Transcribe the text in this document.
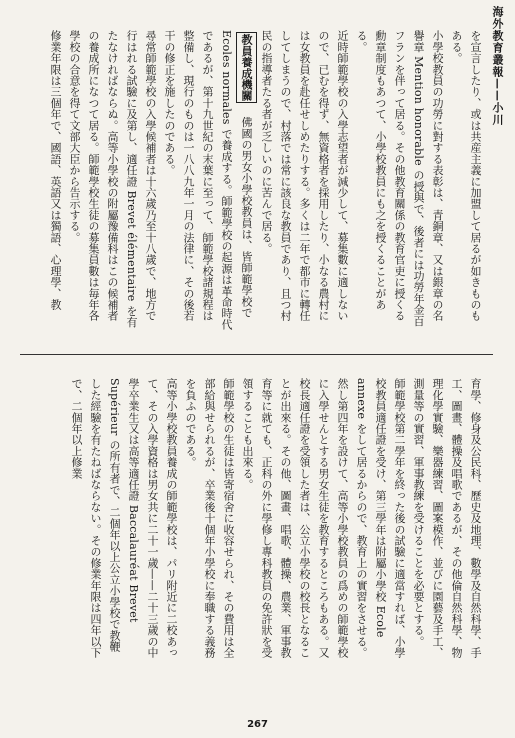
海外教育叢報——小川
を宣言したり、或は共産主義に加盟して居るが如きものもある。
小學校教員の功勞に對する表彰は、青銅章、又は銀章の名譽章 Mention honorable の授與で、後者には功勞年金百フランを伴って居る。その他教育關係の教育官吏に授くる勳章制度もあつて、小學校教員にも之を授くることがある。
近時師範學校の入學志望者が減少して、募集數に適しないので、已むを得ず、無資格者を採用したり、小なる農村には女教員を赴任せしめたりする。多くは二年で都市に轉任してしまうので、村落では常に該良な教員であり、且つ村民の指導者たる者が乏しいのに苦んで居る。
教員養成機關　佛國の男女小學校教員は、皆師範學校で Ecoles normales で養成する。師範學校の起源は革命時代であるが、第十九世紀の末葉に至って、師範學校諸規程は整備し、現行のものは一八八九年一月の法律に、その後若干の修正を施したのである。
尋常師範學校の入學候補者は十六歲乃至十八歲で、地方で行はれる試驗に及第し、適任證 Brevet élémentaire を有たなければならぬ。高等小學校の附屬豫備科はこの候補者の養成所になつて居る。師範學校生徒の募集員數は毎年各學校の合意を得て文部大臣から告示する。
修業年限は三個年で、國語、英語又は獨語、心理學、教
育學、修身及公民科、歷史及地理、數學及自然科學、手工、圖畫、體操及唱歌であるが、その他倫自然科學、物理化學實驗、樂器練習、圖案模作、並びに園藝及手工、測量等の實習、軍事教練を受けることを必要とする。
師範學校第二學年を終った後の試驗に適當すれば、小學校教員適任證を受け、第三學年は附屬小學校 Ecole annexe をして居るからので、教育上の實習をさせる。然し第四年を設けて、高等小學校教員の爲めの師範學校に入學せんとする男女生徒を教育するところもある。又校長適任證を受領した者は、公立小學校の校長となることが出來る。その他、圖畫、唱歌、體操、農業、軍事教育等に就ても、正科の外に學修し專科教員の免許狀を受領することも出來る。
師範學校の生徒は皆寄宿舍に收容せられ、その費用は全部給與せられるが、卒業後十個年小學校に奉職する義務を負ふのである。
高等小學校教員養成の師範學校は、パリ附近に二校あって、その入學資格は男女共に二十一歲——二十三歲の中學卒業生又は高等適任證 Baccalauréat Brevet Supérieur の所有者で、二個年以上公立小學校で教鞭した經驗を有たねばならない。その修業年限は四年以下で、二個年以上修業
267
